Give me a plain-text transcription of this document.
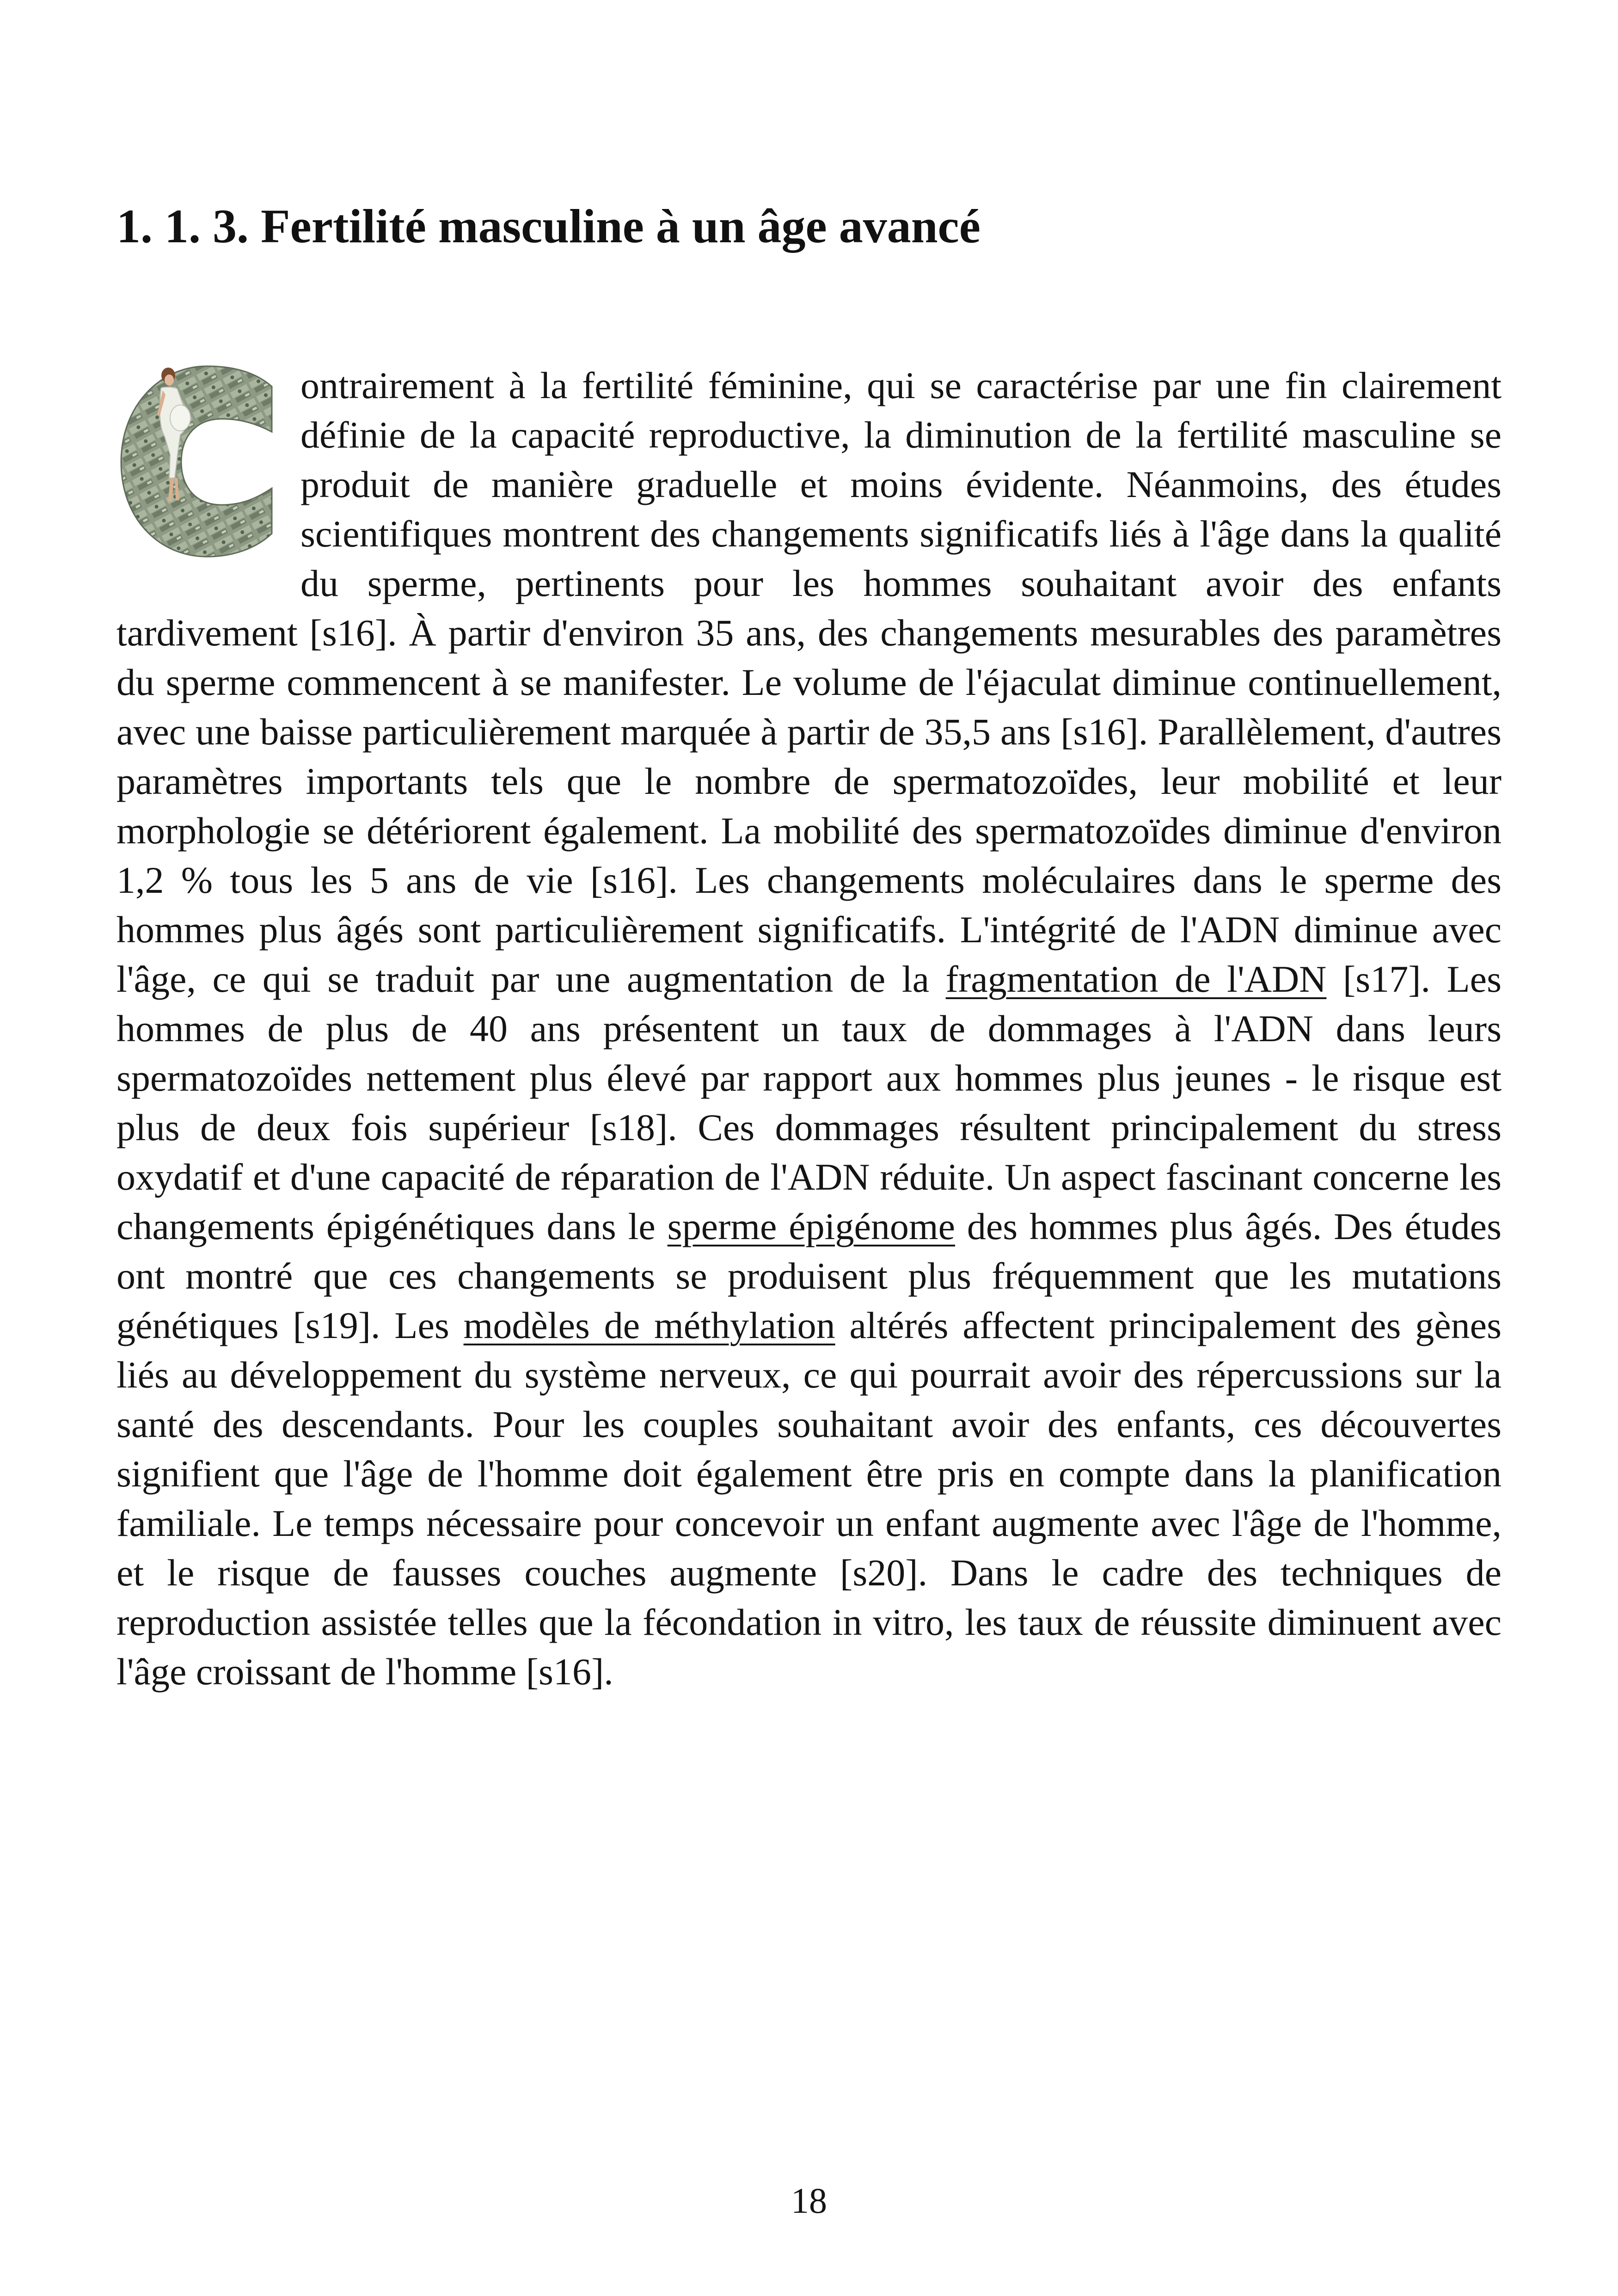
1. 1. 3. Fertilité masculine à un âge avancé

ontrairement à la fertilité féminine, qui se caractérise par une fin clairement définie de la capacité reproductive, la diminution de la fertilité masculine se produit de manière graduelle et moins évidente. Néanmoins, des études scientifiques montrent des changements significatifs liés à l'âge dans la qualité du sperme, pertinents pour les hommes souhaitant avoir des enfants tardivement [s16]. À partir d'environ 35 ans, des changements mesurables des paramètres du sperme commencent à se manifester. Le volume de l'éjaculat diminue continuellement, avec une baisse particulièrement marquée à partir de 35,5 ans [s16]. Parallèlement, d'autres paramètres importants tels que le nombre de spermatozoïdes, leur mobilité et leur morphologie se détériorent également. La mobilité des spermatozoïdes diminue d'environ 1,2 % tous les 5 ans de vie [s16]. Les changements moléculaires dans le sperme des hommes plus âgés sont particulièrement significatifs. L'intégrité de l'ADN diminue avec l'âge, ce qui se traduit par une augmentation de la fragmentation de l'ADN [s17]. Les hommes de plus de 40 ans présentent un taux de dommages à l'ADN dans leurs spermatozoïdes nettement plus élevé par rapport aux hommes plus jeunes - le risque est plus de deux fois supérieur [s18]. Ces dommages résultent principalement du stress oxydatif et d'une capacité de réparation de l'ADN réduite. Un aspect fascinant concerne les changements épigénétiques dans le sperme épigénome des hommes plus âgés. Des études ont montré que ces changements se produisent plus fréquemment que les mutations génétiques [s19]. Les modèles de méthylation altérés affectent principalement des gènes liés au développement du système nerveux, ce qui pourrait avoir des répercussions sur la santé des descendants. Pour les couples souhaitant avoir des enfants, ces découvertes signifient que l'âge de l'homme doit également être pris en compte dans la planification familiale. Le temps nécessaire pour concevoir un enfant augmente avec l'âge de l'homme, et le risque de fausses couches augmente [s20]. Dans le cadre des techniques de reproduction assistée telles que la fécondation in vitro, les taux de réussite diminuent avec l'âge croissant de l'homme [s16].

18
